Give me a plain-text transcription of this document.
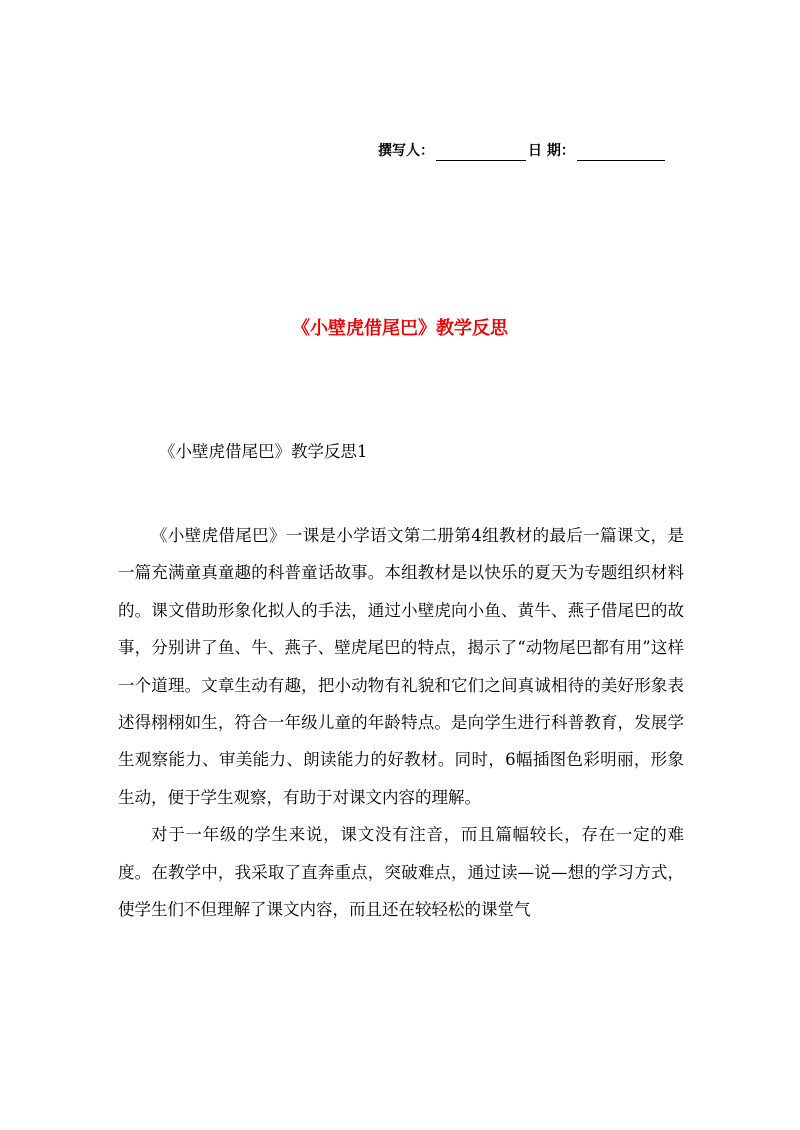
撰写人：	日 期：
《小壁虎借尾巴》教学反思
《小壁虎借尾巴》教学反思1

《小壁虎借尾巴》一课是小学语文第二册第4组教材的最后一篇课文，是一篇充满童真童趣的科普童话故事。本组教材是以快乐的夏天为专题组织材料的。课文借助形象化拟人的手法，通过小壁虎向小鱼、黄牛、燕子借尾巴的故事，分别讲了鱼、牛、燕子、壁虎尾巴的特点，揭示了“动物尾巴都有用”这样一个道理。文章生动有趣，把小动物有礼貌和它们之间真诚相待的美好形象表述得栩栩如生，符合一年级儿童的年龄特点。是向学生进行科普教育，发展学生观察能力、审美能力、朗读能力的好教材。同时，6幅插图色彩明丽，形象生动，便于学生观察，有助于对课文内容的理解。

对于一年级的学生来说，课文没有注音，而且篇幅较长，存在一定的难度。在教学中，我采取了直奔重点，突破难点，通过读—说—想的学习方式，使学生们不但理解了课文内容，而且还在较轻松的课堂气
